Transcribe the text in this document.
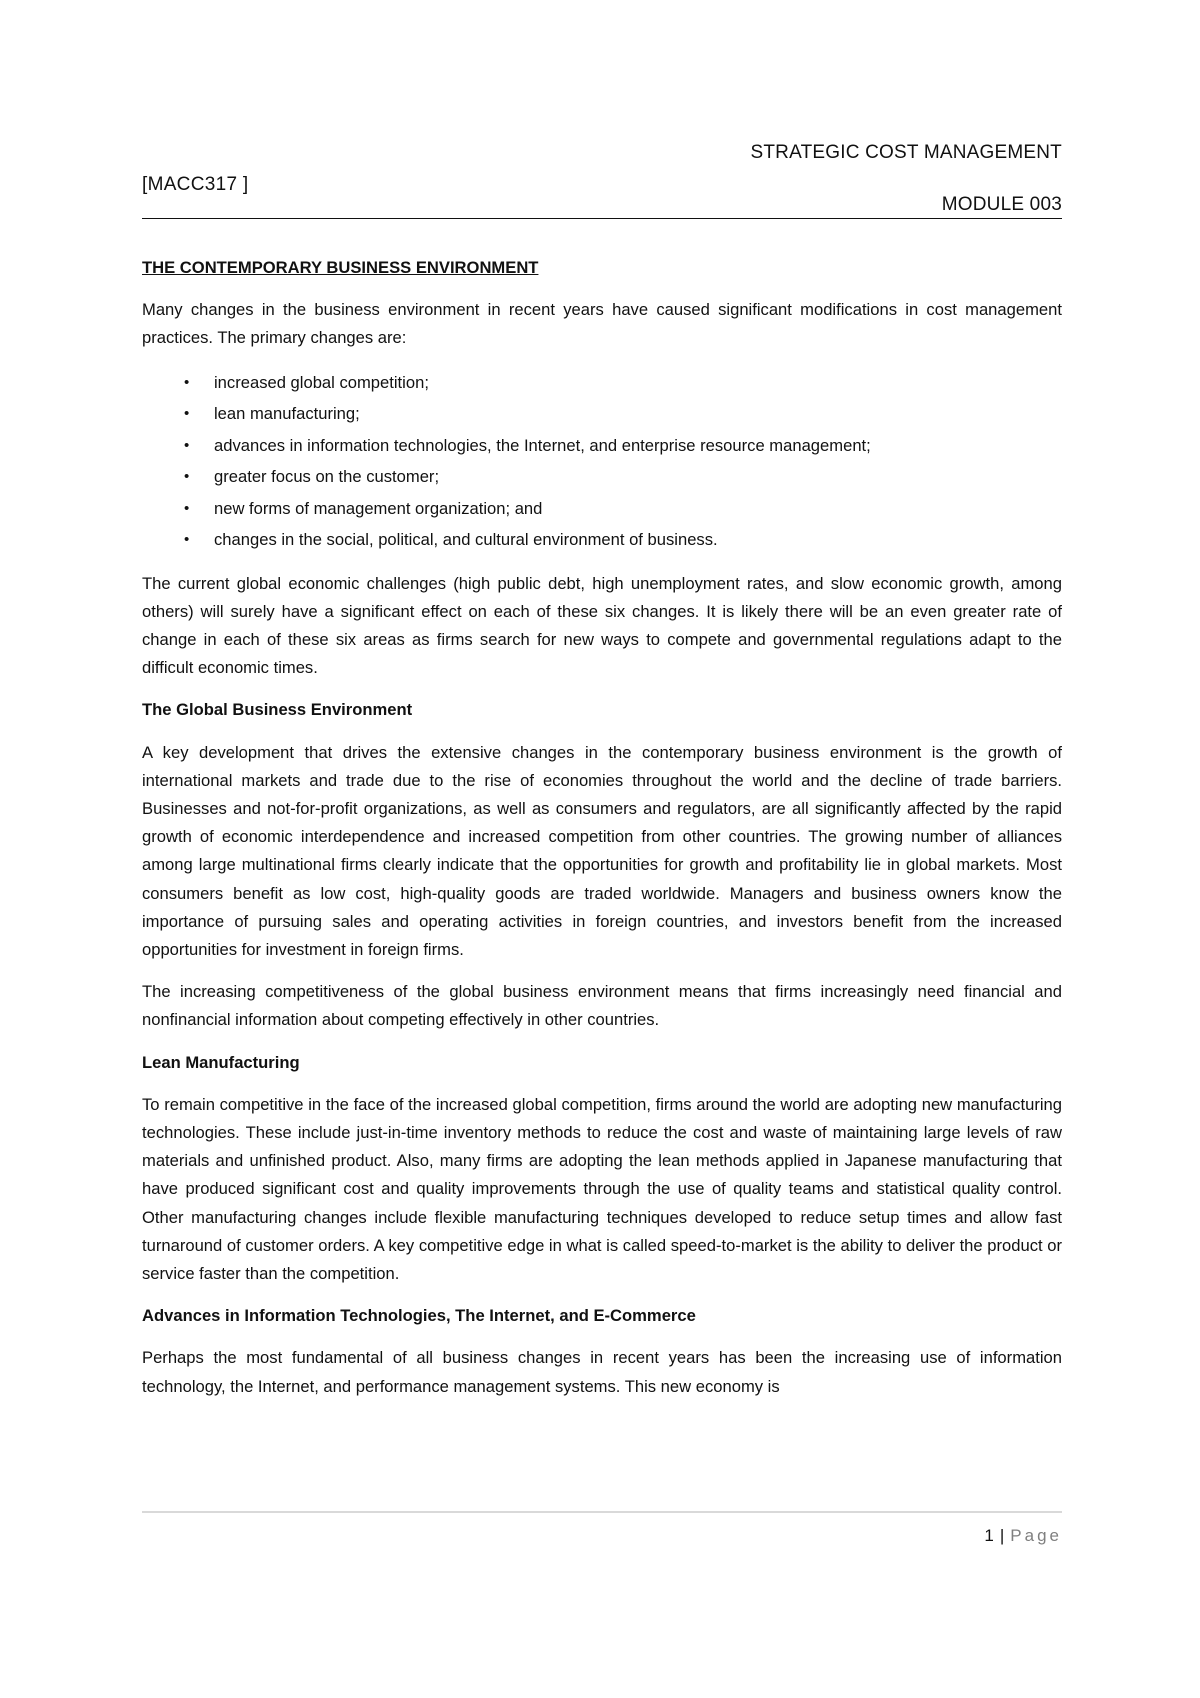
[MACC317 ]
STRATEGIC COST MANAGEMENT
MODULE 003
THE CONTEMPORARY BUSINESS ENVIRONMENT

Many changes in the business environment in recent years have caused significant modifications in cost management practices. The primary changes are:

• increased global competition;
• lean manufacturing;
• advances in information technologies, the Internet, and enterprise resource management;
• greater focus on the customer;
• new forms of management organization; and
• changes in the social, political, and cultural environment of business.

The current global economic challenges (high public debt, high unemployment rates, and slow economic growth, among others) will surely have a significant effect on each of these six changes. It is likely there will be an even greater rate of change in each of these six areas as firms search for new ways to compete and governmental regulations adapt to the difficult economic times.

The Global Business Environment

A key development that drives the extensive changes in the contemporary business environment is the growth of international markets and trade due to the rise of economies throughout the world and the decline of trade barriers. Businesses and not-for-profit organizations, as well as consumers and regulators, are all significantly affected by the rapid growth of economic interdependence and increased competition from other countries. The growing number of alliances among large multinational firms clearly indicate that the opportunities for growth and profitability lie in global markets. Most consumers benefit as low cost, high-quality goods are traded worldwide. Managers and business owners know the importance of pursuing sales and operating activities in foreign countries, and investors benefit from the increased opportunities for investment in foreign firms.

The increasing competitiveness of the global business environment means that firms increasingly need financial and nonfinancial information about competing effectively in other countries.

Lean Manufacturing

To remain competitive in the face of the increased global competition, firms around the world are adopting new manufacturing technologies. These include just-in-time inventory methods to reduce the cost and waste of maintaining large levels of raw materials and unfinished product. Also, many firms are adopting the lean methods applied in Japanese manufacturing that have produced significant cost and quality improvements through the use of quality teams and statistical quality control. Other manufacturing changes include flexible manufacturing techniques developed to reduce setup times and allow fast turnaround of customer orders. A key competitive edge in what is called speed-to-market is the ability to deliver the product or service faster than the competition.

Advances in Information Technologies, The Internet, and E-Commerce

Perhaps the most fundamental of all business changes in recent years has been the increasing use of information technology, the Internet, and performance management systems. This new economy is

1 | Page
